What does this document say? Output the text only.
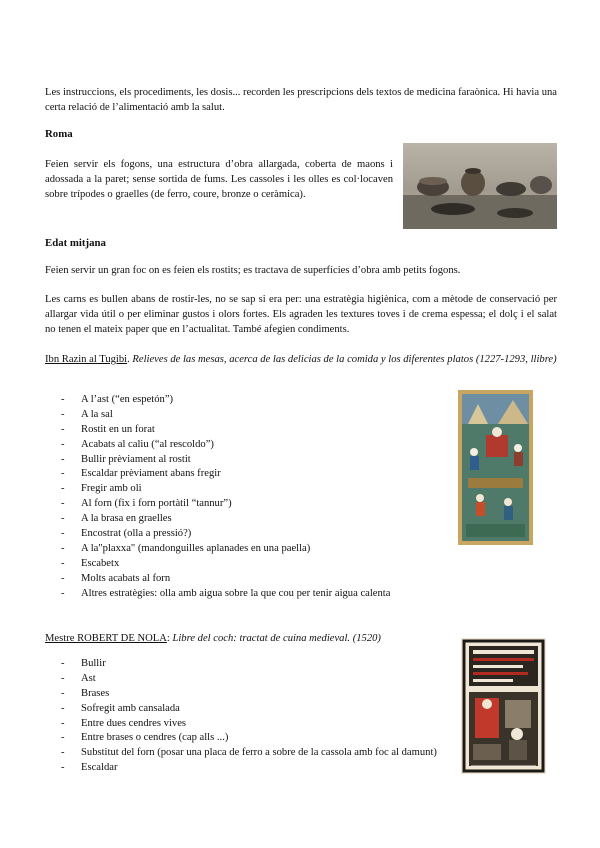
Les instruccions, els procediments, les dosis... recorden les prescripcions dels textos de medicina faraònica. Hi havia una certa relació de l’alimentació amb la salut.

Roma

Feien servir els fogons, una estructura d’obra allargada, coberta de maons i adossada a la paret; sense sortida de fums. Les cassoles i les olles es col·locaven sobre trípodes o graelles (de ferro, coure, bronze o ceràmica).

Edat mitjana

Feien servir un gran foc on es feien els rostits; es tractava de superfícies d’obra amb petits fogons.

Les carns es bullen abans de rostir-les, no se sap si era per: una estratègia higiènica, com a mètode de conservació per allargar vida útil o per eliminar gustos i olors fortes. Els agraden les textures toves i de crema espessa; el dolç i el salat no tenen el mateix paper que en l’actualitat. També afegien condiments.

Ibn Razin al Tugibi. Relieves de las mesas, acerca de las delicias de la comida y los diferentes platos (1227-1293, llibre)

- A l’ast (“en espetón”)
- A la sal
- Rostit en un forat
- Acabats al caliu (“al rescoldo”)
- Bullir prèviament al rostit
- Escaldar prèviament abans fregir
- Fregir amb oli
- Al forn (fix i forn portàtil “tannur”)
- A la brasa en graelles
- Encostrat (olla a pressió?)
- A la"plaxxa" (mandonguilles aplanades en una paella)
- Escabetx
- Molts acabats al forn
- Altres estratègies: olla amb aigua sobre la que cou per tenir aigua calenta

Mestre ROBERT DE NOLA: Libre del coch: tractat de cuina medieval. (1520)

- Bullir
- Ast
- Brases
- Sofregit amb cansalada
- Entre dues cendres vives
- Entre brases o cendres (cap alls ...)
- Substitut del forn (posar una placa de ferro a sobre de la cassola amb foc al damunt)
- Escaldar
